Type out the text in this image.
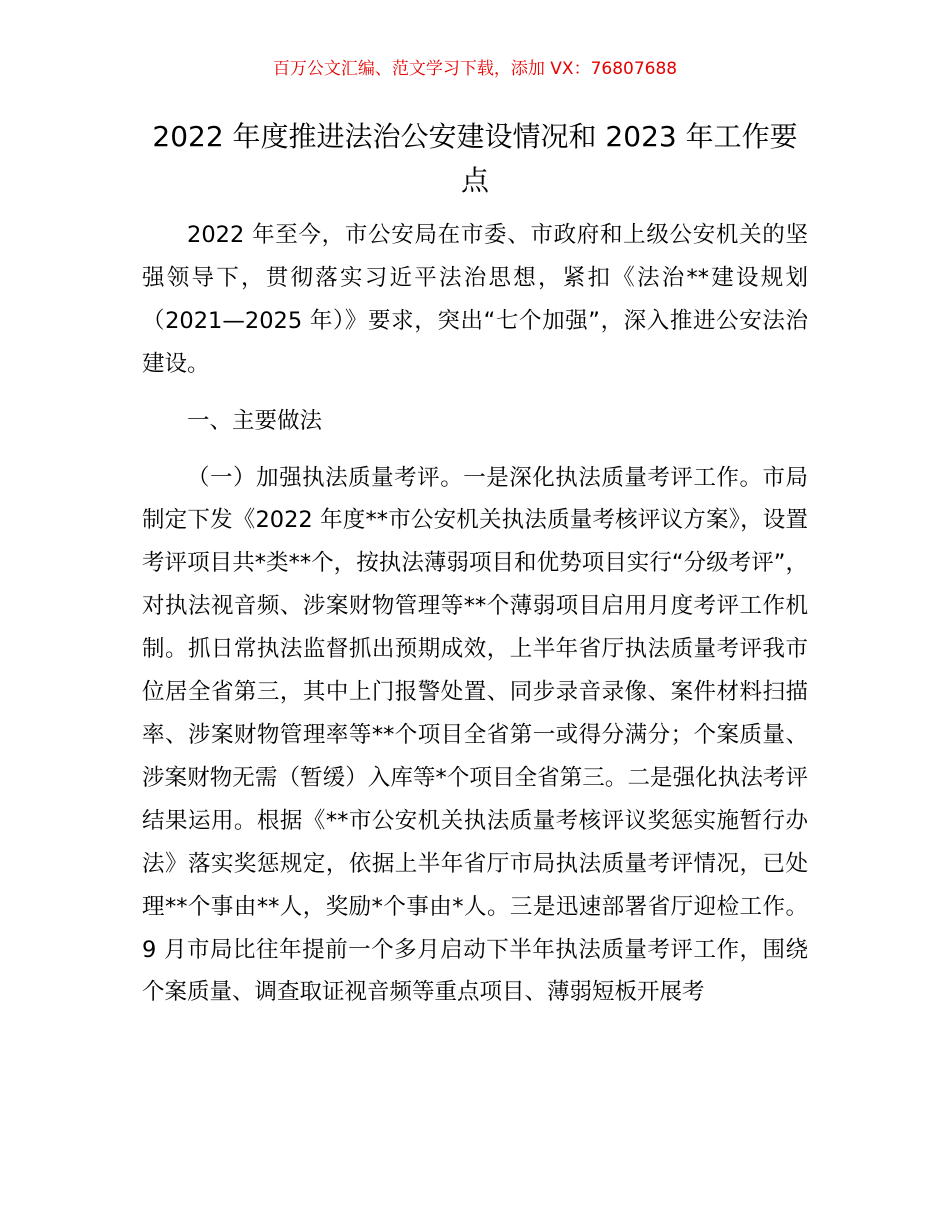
百万公文汇编、范文学习下载，添加 VX：76807688
2022 年度推进法治公安建设情况和 2023 年工作要点

2022 年至今，市公安局在市委、市政府和上级公安机关的坚强领导下，贯彻落实习近平法治思想，紧扣《法治**建设规划（2021—2025 年）》要求，突出“七个加强”，深入推进公安法治建设。

一、主要做法

（一）加强执法质量考评。一是深化执法质量考评工作。市局制定下发《2022 年度**市公安机关执法质量考核评议方案》，设置考评项目共*类**个，按执法薄弱项目和优势项目实行“分级考评”，对执法视音频、涉案财物管理等**个薄弱项目启用月度考评工作机制。抓日常执法监督抓出预期成效，上半年省厅执法质量考评我市位居全省第三，其中上门报警处置、同步录音录像、案件材料扫描率、涉案财物管理率等**个项目全省第一或得分满分；个案质量、涉案财物无需（暂缓）入库等*个项目全省第三。二是强化执法考评结果运用。根据《**市公安机关执法质量考核评议奖惩实施暂行办法》落实奖惩规定，依据上半年省厅市局执法质量考评情况，已处理**个事由**人，奖励*个事由*人。三是迅速部署省厅迎检工作。9 月市局比往年提前一个多月启动下半年执法质量考评工作，围绕个案质量、调查取证视音频等重点项目、薄弱短板开展考
